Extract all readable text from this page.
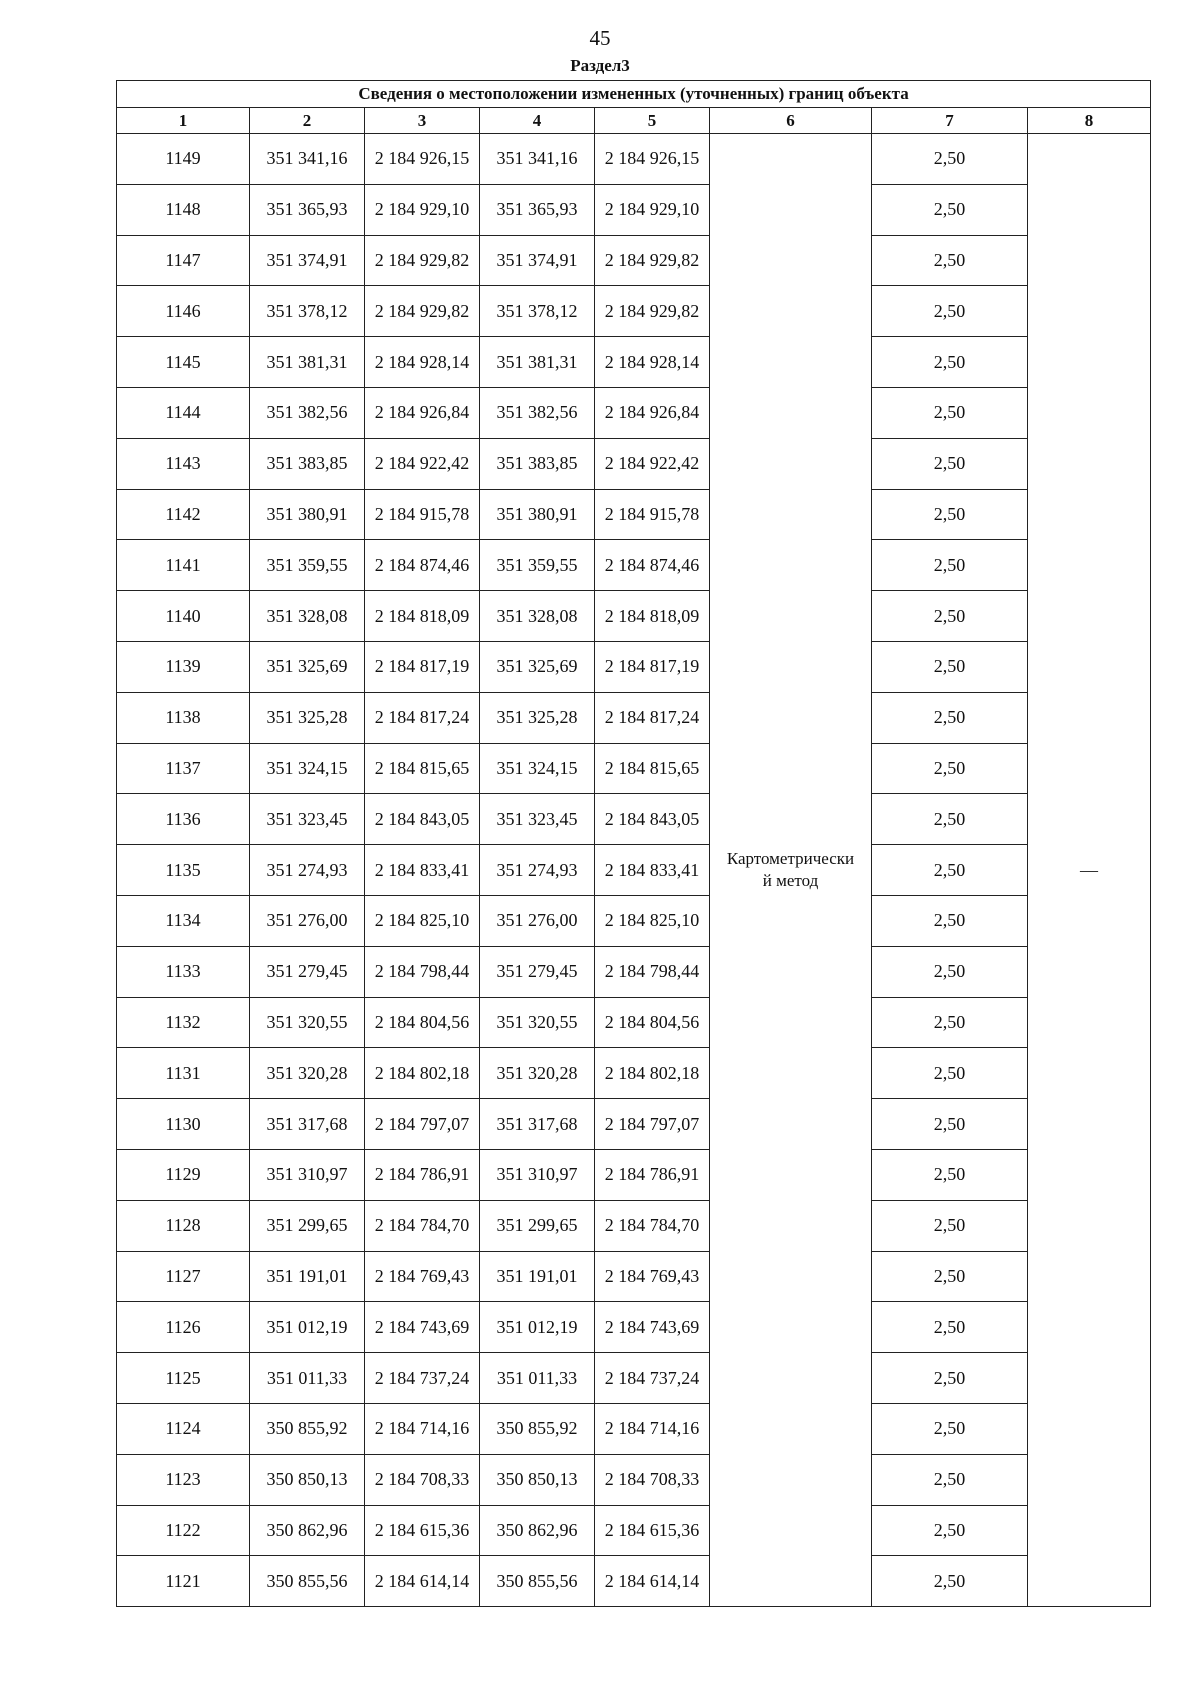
45
Раздел3
Сведения о местоположении измененных (уточненных) границ объекта							
1	2	3	4	5	6	7	8
1149	351 341,16	2 184 926,15	351 341,16	2 184 926,15	Картометрически
й метод	2,50	—
1148	351 365,93	2 184 929,10	351 365,93	2 184 929,10		2,50	
1147	351 374,91	2 184 929,82	351 374,91	2 184 929,82		2,50	
1146	351 378,12	2 184 929,82	351 378,12	2 184 929,82		2,50	
1145	351 381,31	2 184 928,14	351 381,31	2 184 928,14		2,50	
1144	351 382,56	2 184 926,84	351 382,56	2 184 926,84		2,50	
1143	351 383,85	2 184 922,42	351 383,85	2 184 922,42		2,50	
1142	351 380,91	2 184 915,78	351 380,91	2 184 915,78		2,50	
1141	351 359,55	2 184 874,46	351 359,55	2 184 874,46		2,50	
1140	351 328,08	2 184 818,09	351 328,08	2 184 818,09		2,50	
1139	351 325,69	2 184 817,19	351 325,69	2 184 817,19		2,50	
1138	351 325,28	2 184 817,24	351 325,28	2 184 817,24		2,50	
1137	351 324,15	2 184 815,65	351 324,15	2 184 815,65		2,50	
1136	351 323,45	2 184 843,05	351 323,45	2 184 843,05		2,50	
1135	351 274,93	2 184 833,41	351 274,93	2 184 833,41		2,50	
1134	351 276,00	2 184 825,10	351 276,00	2 184 825,10		2,50	
1133	351 279,45	2 184 798,44	351 279,45	2 184 798,44		2,50	
1132	351 320,55	2 184 804,56	351 320,55	2 184 804,56		2,50	
1131	351 320,28	2 184 802,18	351 320,28	2 184 802,18		2,50	
1130	351 317,68	2 184 797,07	351 317,68	2 184 797,07		2,50	
1129	351 310,97	2 184 786,91	351 310,97	2 184 786,91		2,50	
1128	351 299,65	2 184 784,70	351 299,65	2 184 784,70		2,50	
1127	351 191,01	2 184 769,43	351 191,01	2 184 769,43		2,50	
1126	351 012,19	2 184 743,69	351 012,19	2 184 743,69		2,50	
1125	351 011,33	2 184 737,24	351 011,33	2 184 737,24		2,50	
1124	350 855,92	2 184 714,16	350 855,92	2 184 714,16		2,50	
1123	350 850,13	2 184 708,33	350 850,13	2 184 708,33		2,50	
1122	350 862,96	2 184 615,36	350 862,96	2 184 615,36		2,50	
1121	350 855,56	2 184 614,14	350 855,56	2 184 614,14		2,50	
